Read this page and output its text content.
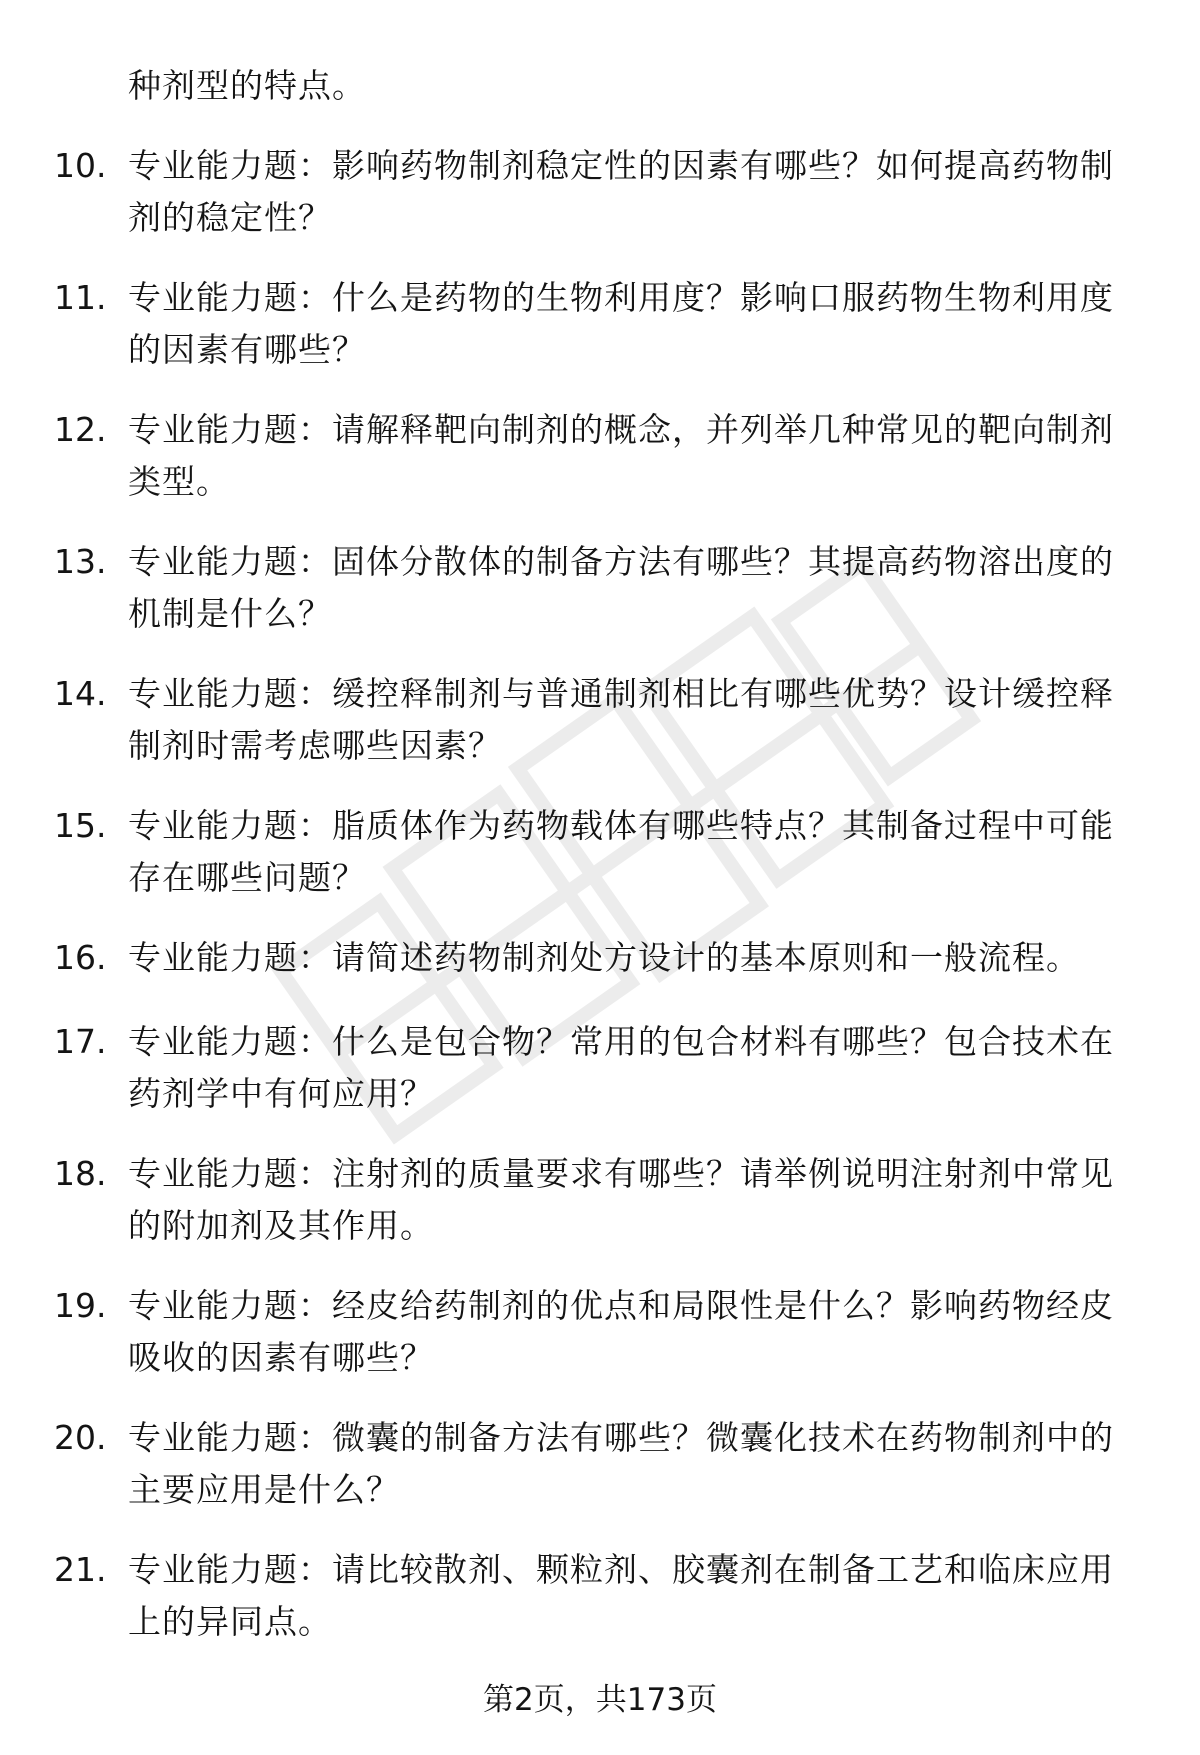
种剂型的特点。
10. 专业能力题：影响药物制剂稳定性的因素有哪些？如何提高药物制剂的稳定性？
11. 专业能力题：什么是药物的生物利用度？影响口服药物生物利用度的因素有哪些？
12. 专业能力题：请解释靶向制剂的概念，并列举几种常见的靶向制剂类型。
13. 专业能力题：固体分散体的制备方法有哪些？其提高药物溶出度的机制是什么？
14. 专业能力题：缓控释制剂与普通制剂相比有哪些优势？设计缓控释制剂时需考虑哪些因素？
15. 专业能力题：脂质体作为药物载体有哪些特点？其制备过程中可能存在哪些问题？
16. 专业能力题：请简述药物制剂处方设计的基本原则和一般流程。
17. 专业能力题：什么是包合物？常用的包合材料有哪些？包合技术在药剂学中有何应用？
18. 专业能力题：注射剂的质量要求有哪些？请举例说明注射剂中常见的附加剂及其作用。
19. 专业能力题：经皮给药制剂的优点和局限性是什么？影响药物经皮吸收的因素有哪些？
20. 专业能力题：微囊的制备方法有哪些？微囊化技术在药物制剂中的主要应用是什么？
21. 专业能力题：请比较散剂、颗粒剂、胶囊剂在制备工艺和临床应用上的异同点。
第2页，共173页
